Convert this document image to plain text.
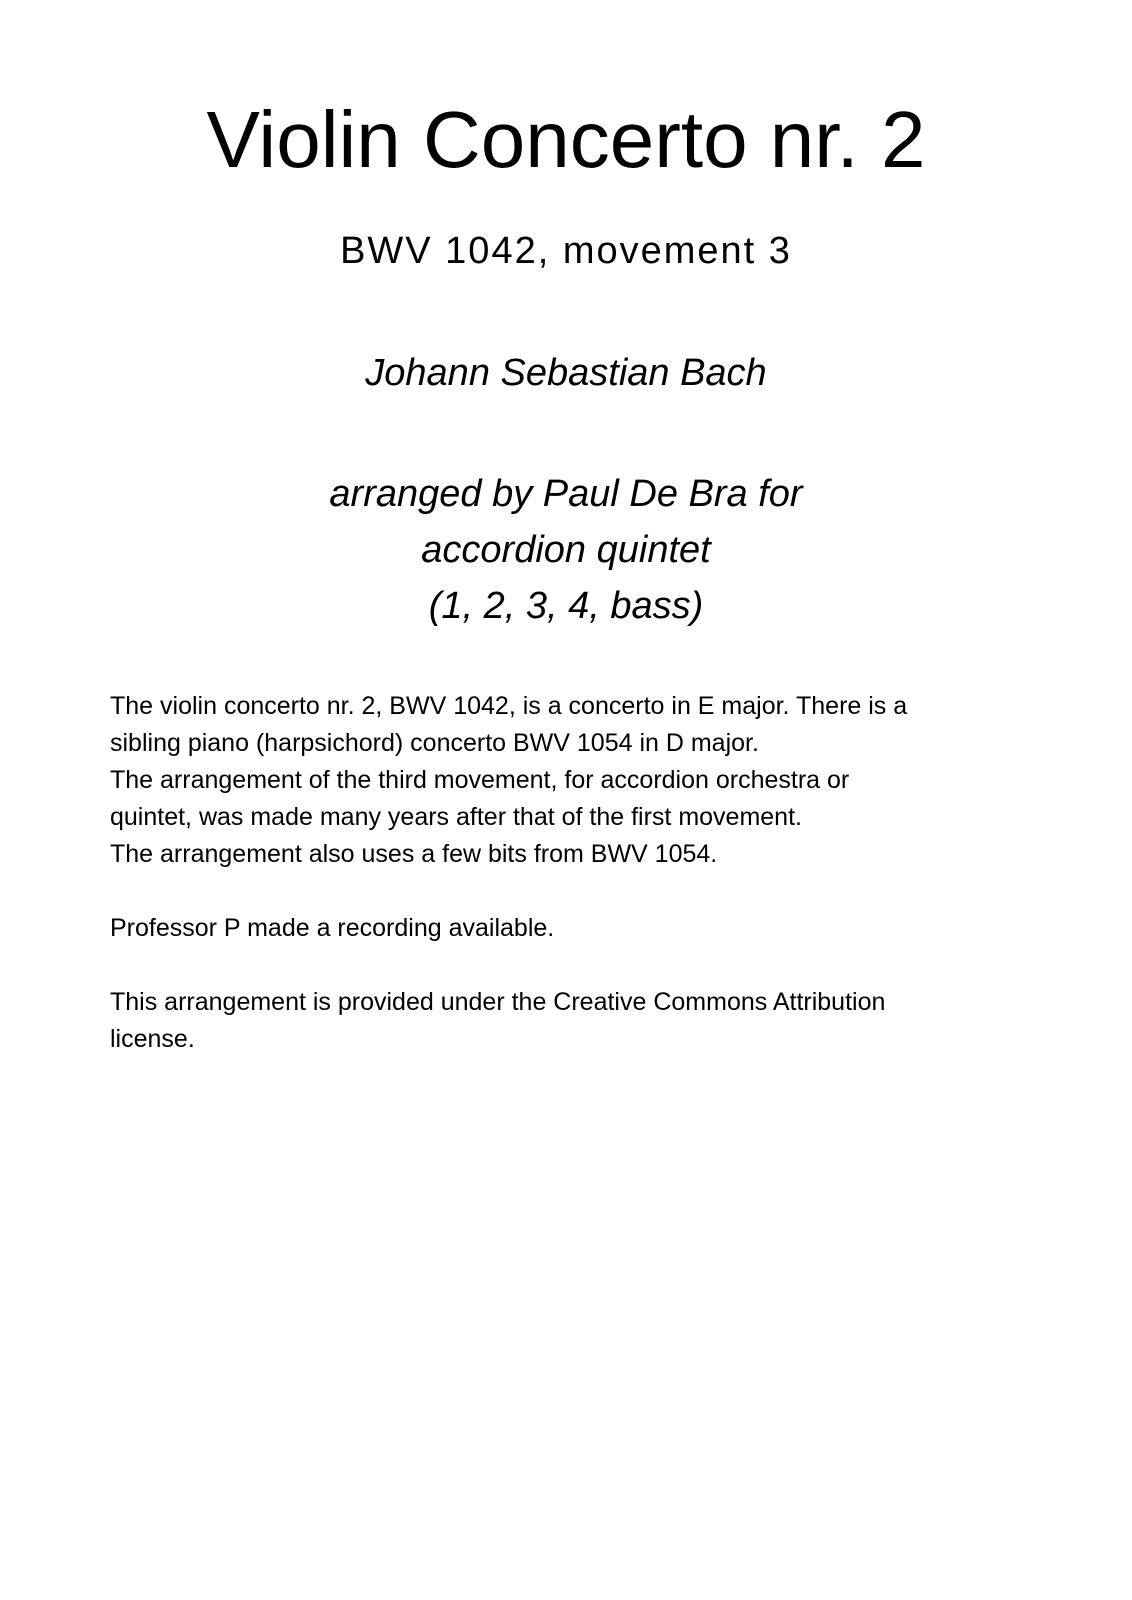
Violin Concerto nr. 2

BWV 1042, movement 3

Johann Sebastian Bach

arranged by Paul De Bra for
accordion quintet
(1, 2, 3, 4, bass)

The violin concerto nr. 2, BWV 1042, is a concerto in E major. There is a
sibling piano (harpsichord) concerto BWV 1054 in D major.
The arrangement of the third movement, for accordion orchestra or
quintet, was made many years after that of the first movement.
The arrangement also uses a few bits from BWV 1054.
Professor P made a recording available.
This arrangement is provided under the Creative Commons Attribution
license.
